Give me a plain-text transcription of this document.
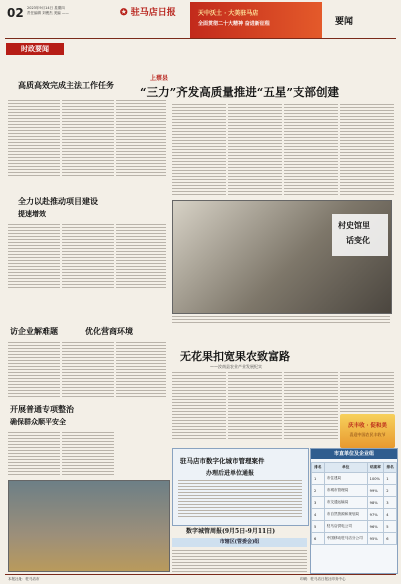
02 2023年9月14日 星期四
责任编辑 刘俊杰 美编 ——	✪ 驻马店日报	天中沃土 · 大美驻马店
全面贯彻二十大精神 奋进新征程	要闻
时政要闻
高质高效完成主法工作任务
全力以赴推动项目建设
提速增效
访企业解难题	优化营商环境
开展普通专项整治
确保群众顺平安全
上蔡县
“三力”齐发高质量推进“五星”支部创建
村史馆里
话变化
无花果扣宽果农致富路
——汝南县农业产业发展纪实
庆丰收 · 促和美
喜迎中国农民丰收节
驻马店市数字化城市管理案件
办理后进单位通报
数字城管周报(9月5日-9月11日)
市辖区(管委会)组
市直单位及企业组
排名	单位	结案率	排名
1	市住建局	100%	1
2	市城市管理局	99%	2
3	市交通运输局	98%	3
4	市自然资源和规划局	97%	4
5	驻马店供电公司	96%	5
6	中国移动驻马店分公司	95%	6
本报社址：驻马店市	印刷：驻马店日报社印务中心
